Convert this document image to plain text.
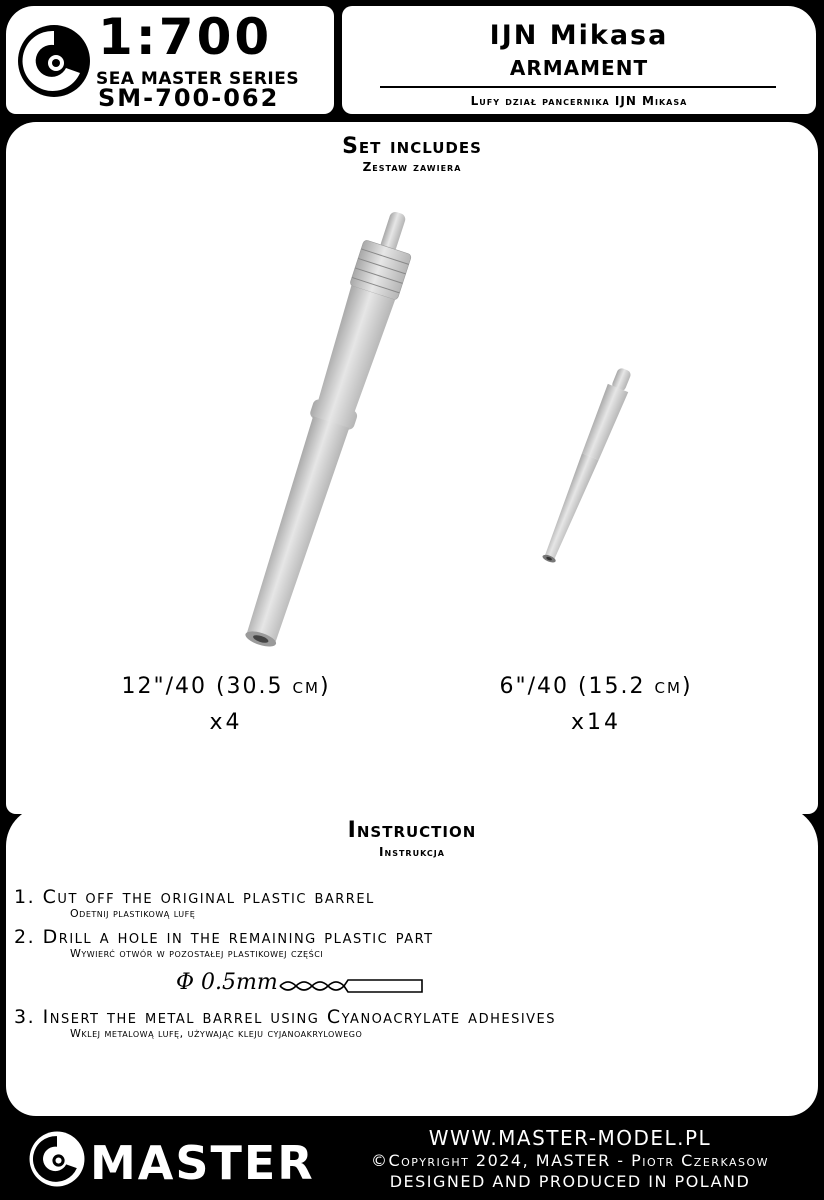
1:700
SEA MASTER SERIES
SM-700-062
IJN Mikasa
ARMAMENT
Lufy dział pancernika IJN Mikasa
Set includes
Zestaw zawiera
12"/40 (30.5 cm)
x4
6"/40 (15.2 cm)
x14
Instruction
Instrukcja
1. Cut off the original plastic barrel
Odetnij plastikową lufę
2. Drill a hole in the remaining plastic part
Wywierć otwór w pozostałej plastikowej części
Φ 0.5mm
3. Insert the metal barrel using Cyanoacrylate adhesives
Wklej metalową lufę, używając kleju cyjanoakrylowego
MASTER	WWW.MASTER-MODEL.PL
©Copyright 2024, MASTER - Piotr Czerkasow
DESIGNED AND PRODUCED IN POLAND
